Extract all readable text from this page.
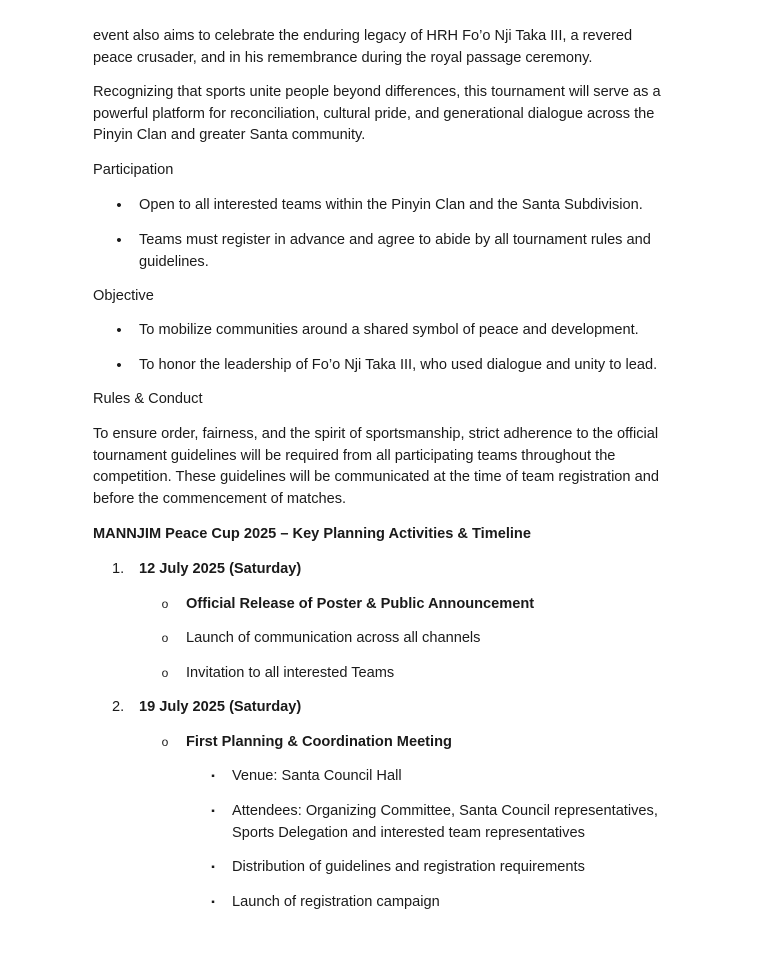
event also aims to celebrate the enduring legacy of HRH Fo’o Nji Taka III, a revered peace crusader, and in his remembrance during the royal passage ceremony.

Recognizing that sports unite people beyond differences, this tournament will serve as a powerful platform for reconciliation, cultural pride, and generational dialogue across the Pinyin Clan and greater Santa community.

Participation

• Open to all interested teams within the Pinyin Clan and the Santa Subdivision.

• Teams must register in advance and agree to abide by all tournament rules and guidelines.

Objective

• To mobilize communities around a shared symbol of peace and development.

• To honor the leadership of Fo’o Nji Taka III, who used dialogue and unity to lead.

Rules & Conduct

To ensure order, fairness, and the spirit of sportsmanship, strict adherence to the official tournament guidelines will be required from all participating teams throughout the competition. These guidelines will be communicated at the time of team registration and before the commencement of matches.

MANNJIM Peace Cup 2025 – Key Planning Activities & Timeline

1.	12 July 2025 (Saturday)

o Official Release of Poster & Public Announcement

o Launch of communication across all channels

o Invitation to all interested Teams

2.	19 July 2025 (Saturday)

o First Planning & Coordination Meeting

▪ Venue: Santa Council Hall

▪ Attendees: Organizing Committee, Santa Council representatives, Sports Delegation and interested team representatives

▪ Distribution of guidelines and registration requirements

▪ Launch of registration campaign
